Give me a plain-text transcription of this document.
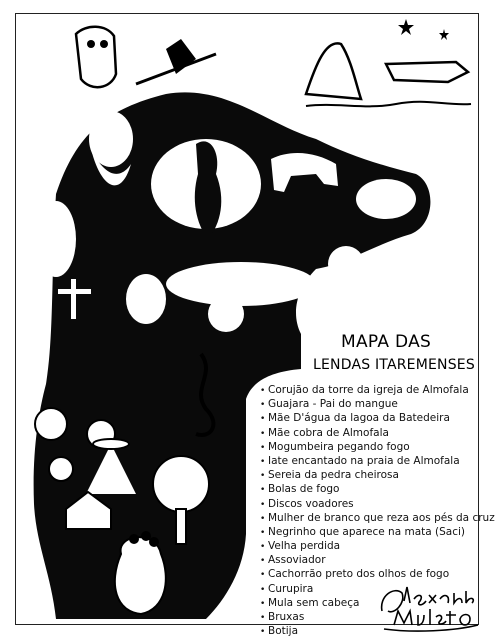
MAPA DAS
LENDAS ITAREMENSES
• Corujão da torre da igreja de Almofala
• Guajara - Pai do mangue
• Mãe D'água da lagoa da Batedeira
• Mãe cobra de Almofala
• Mogumbeira pegando fogo
• Iate encantado na praia de Almofala
• Sereia da pedra cheirosa
• Bolas de fogo
• Discos voadores
• Mulher de branco que reza aos pés da cruz
• Negrinho que aparece na mata (Saci)
• Velha perdida
• Assoviador
• Cachorrão preto dos olhos de fogo
• Curupira
• Mula sem cabeça
• Bruxas
• Botija
